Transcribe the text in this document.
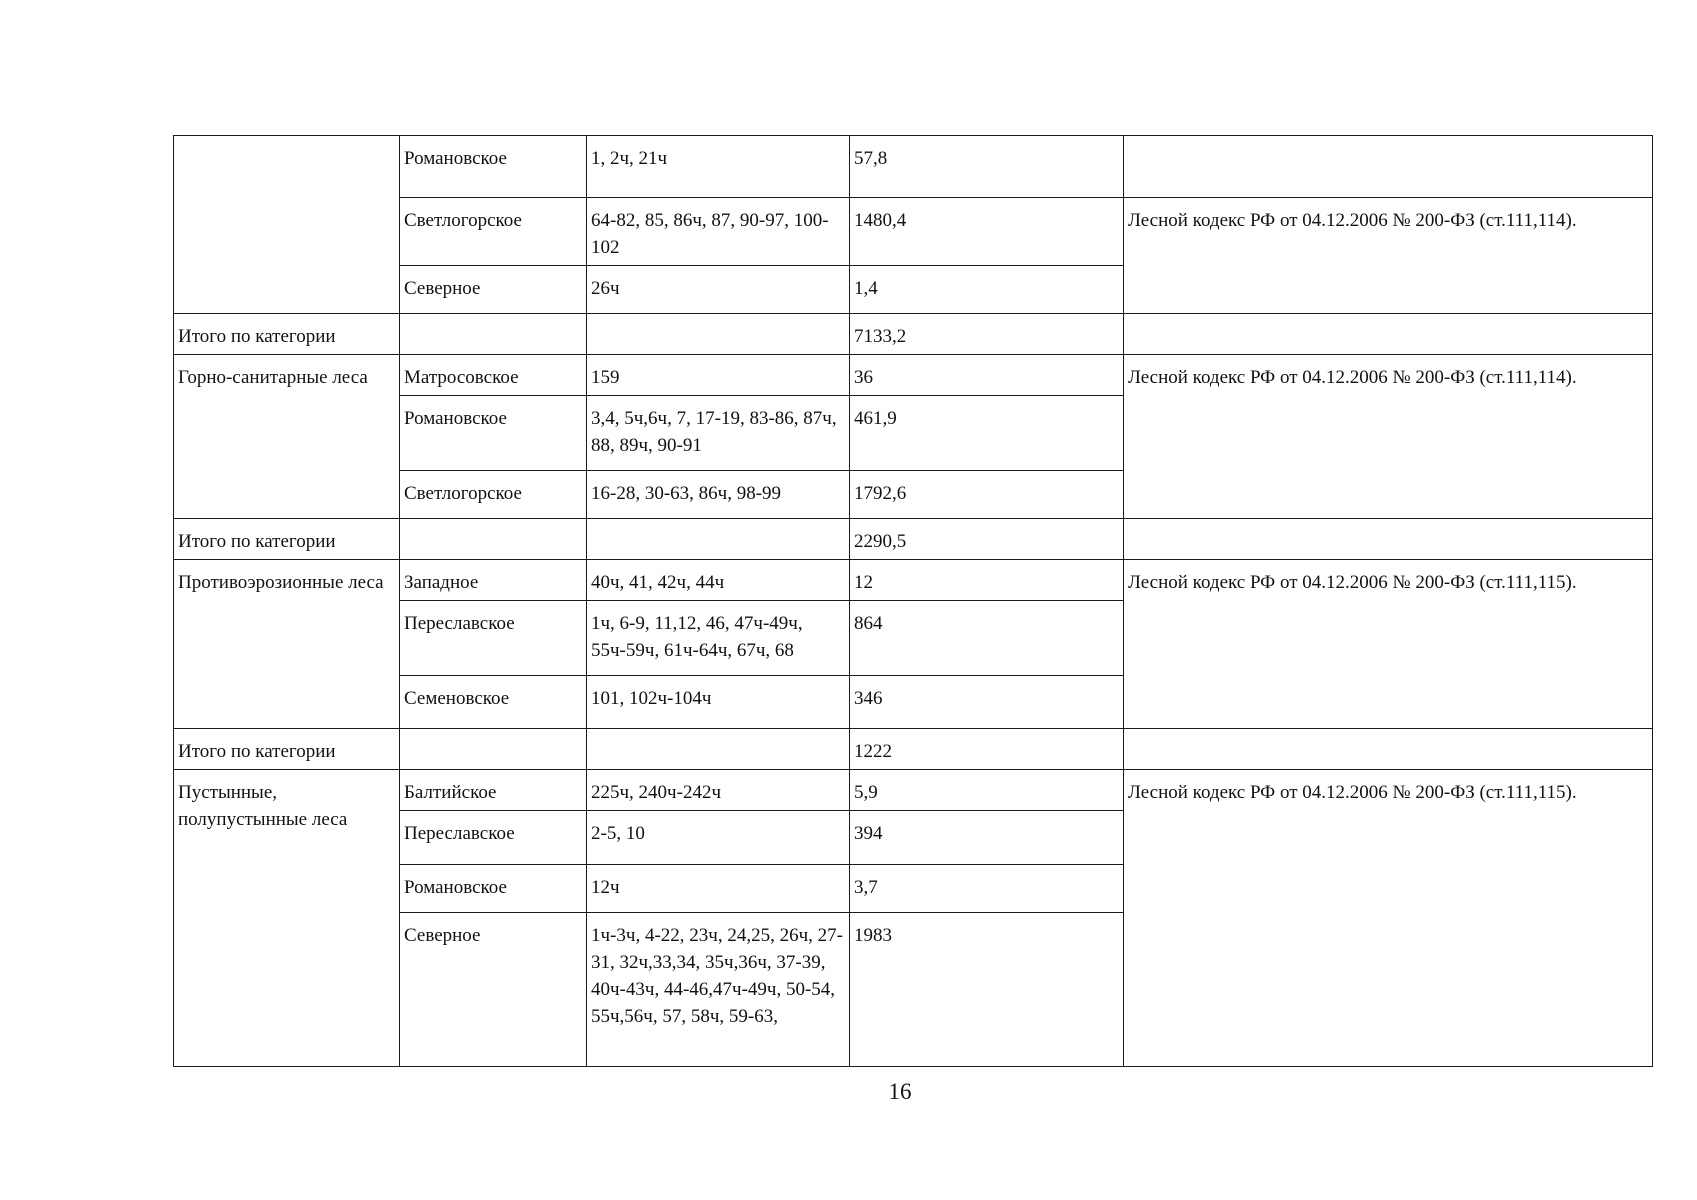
	Романовское	1, 2ч, 21ч	57,8	
	Светлогорское	64-82, 85, 86ч, 87, 90-97, 100-102	1480,4	Лесной кодекс РФ от 04.12.2006 № 200-ФЗ (ст.111,114).
	Северное	26ч	1,4	
Итого по категории			7133,2	
Горно-санитарные леса	Матросовское	159	36	Лесной кодекс РФ от 04.12.2006 № 200-ФЗ (ст.111,114).
	Романовское	3,4, 5ч,6ч, 7, 17-19, 83-86, 87ч, 88, 89ч, 90-91	461,9	
	Светлогорское	16-28, 30-63, 86ч, 98-99	1792,6	
Итого по категории			2290,5	
Противоэрозионные леса	Западное	40ч, 41, 42ч, 44ч	12	Лесной кодекс РФ от 04.12.2006 № 200-ФЗ (ст.111,115).
	Переславское	1ч, 6-9, 11,12, 46, 47ч-49ч, 55ч-59ч, 61ч-64ч, 67ч, 68	864	
	Семеновское	101, 102ч-104ч	346	
Итого по категории			1222	
Пустынные, полупустынные леса	Балтийское	225ч, 240ч-242ч	5,9	Лесной кодекс РФ от 04.12.2006 № 200-ФЗ (ст.111,115).
	Переславское	2-5, 10	394	
	Романовское	12ч	3,7	
	Северное	1ч-3ч, 4-22, 23ч, 24,25, 26ч, 27-31, 32ч,33,34, 35ч,36ч, 37-39, 40ч-43ч, 44-46,47ч-49ч, 50-54, 55ч,56ч, 57, 58ч, 59-63,	1983	
16
